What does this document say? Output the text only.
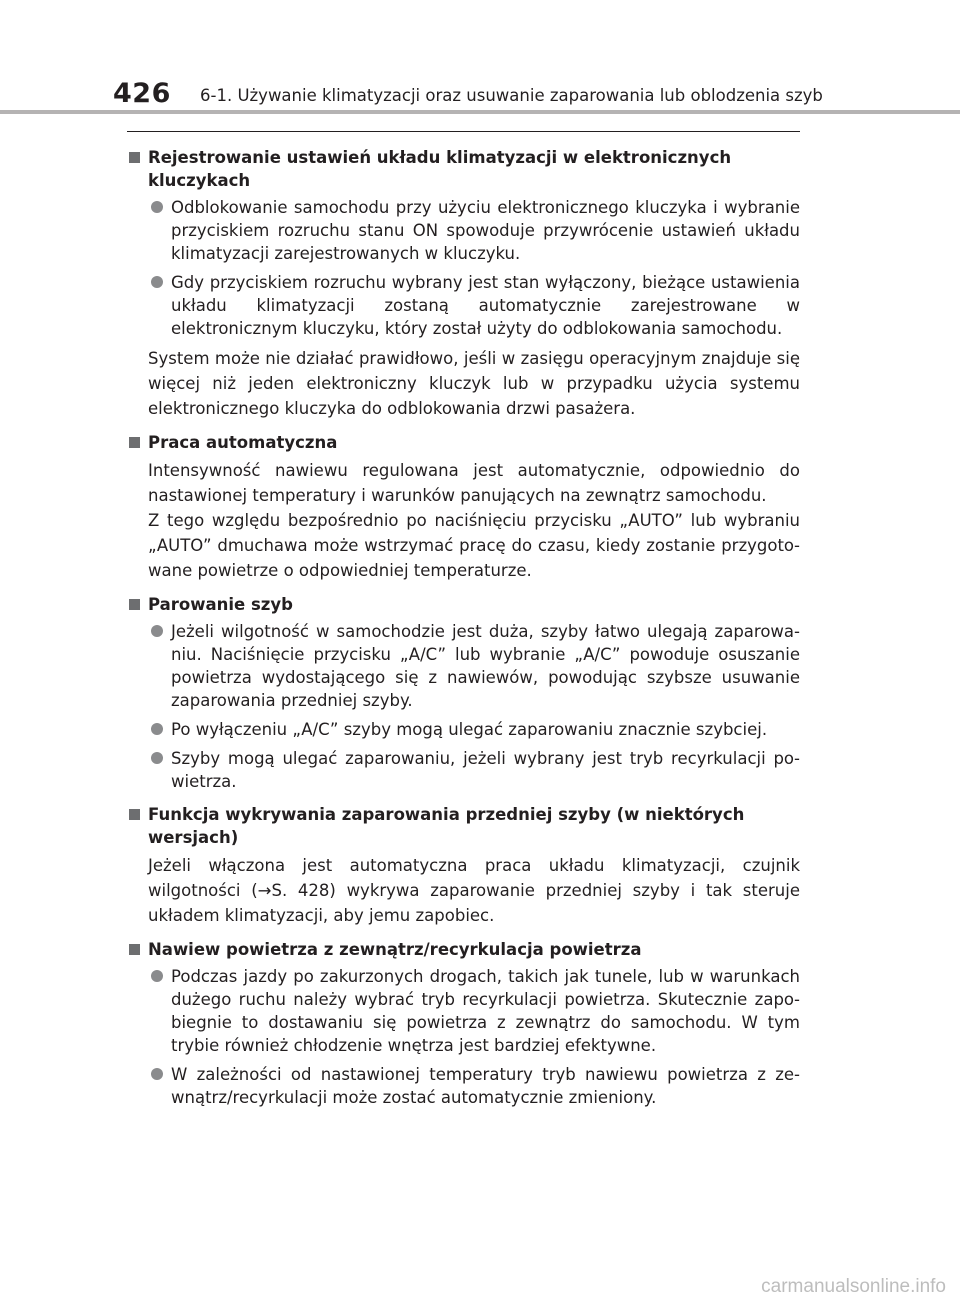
426 6-1. Używanie klimatyzacji oraz usuwanie zaparowania lub oblodzenia szyb
Rejestrowanie ustawień układu klimatyzacji w elektronicznych kluczykach
Odblokowanie samochodu przy użyciu elektronicznego kluczyka i wybranie przyciskiem rozruchu stanu ON spowoduje przywrócenie ustawień układu klimatyzacji zarejestrowanych w kluczyku.
Gdy przyciskiem rozruchu wybrany jest stan wyłączony, bieżące ustawienia układu klimatyzacji zostaną automatycznie zarejestrowane w elektronicznym kluczyku, który został użyty do odblokowania samochodu.
System może nie działać prawidłowo, jeśli w zasięgu operacyjnym znajduje się więcej niż jeden elektroniczny kluczyk lub w przypadku użycia systemu elektronicznego kluczyka do odblokowania drzwi pasażera.
Praca automatyczna
Intensywność nawiewu regulowana jest automatycznie, odpowiednio do nastawionej temperatury i warunków panujących na zewnątrz samochodu.
Z tego względu bezpośrednio po naciśnięciu przycisku „AUTO” lub wybraniu „AUTO” dmuchawa może wstrzymać pracę do czasu, kiedy zostanie przygotowane powietrze o odpowiedniej temperaturze.
Parowanie szyb
Jeżeli wilgotność w samochodzie jest duża, szyby łatwo ulegają zaparowaniu. Naciśnięcie przycisku „A/C” lub wybranie „A/C” powoduje osuszanie powietrza wydostającego się z nawiewów, powodując szybsze usuwanie zaparowania przedniej szyby.
Po wyłączeniu „A/C” szyby mogą ulegać zaparowaniu znacznie szybciej.
Szyby mogą ulegać zaparowaniu, jeżeli wybrany jest tryb recyrkulacji powietrza.
Funkcja wykrywania zaparowania przedniej szyby (w niektórych wersjach)
Jeżeli włączona jest automatyczna praca układu klimatyzacji, czujnik wilgotności (→S. 428) wykrywa zaparowanie przedniej szyby i tak steruje układem klimatyzacji, aby jemu zapobiec.
Nawiew powietrza z zewnątrz/recyrkulacja powietrza
Podczas jazdy po zakurzonych drogach, takich jak tunele, lub w warunkach dużego ruchu należy wybrać tryb recyrkulacji powietrza. Skutecznie zapobiegnie to dostawaniu się powietrza z zewnątrz do samochodu. W tym trybie również chłodzenie wnętrza jest bardziej efektywne.
W zależności od nastawionej temperatury tryb nawiewu powietrza z zewnątrz/recyrkulacji może zostać automatycznie zmieniony.
carmanualsonline.info
